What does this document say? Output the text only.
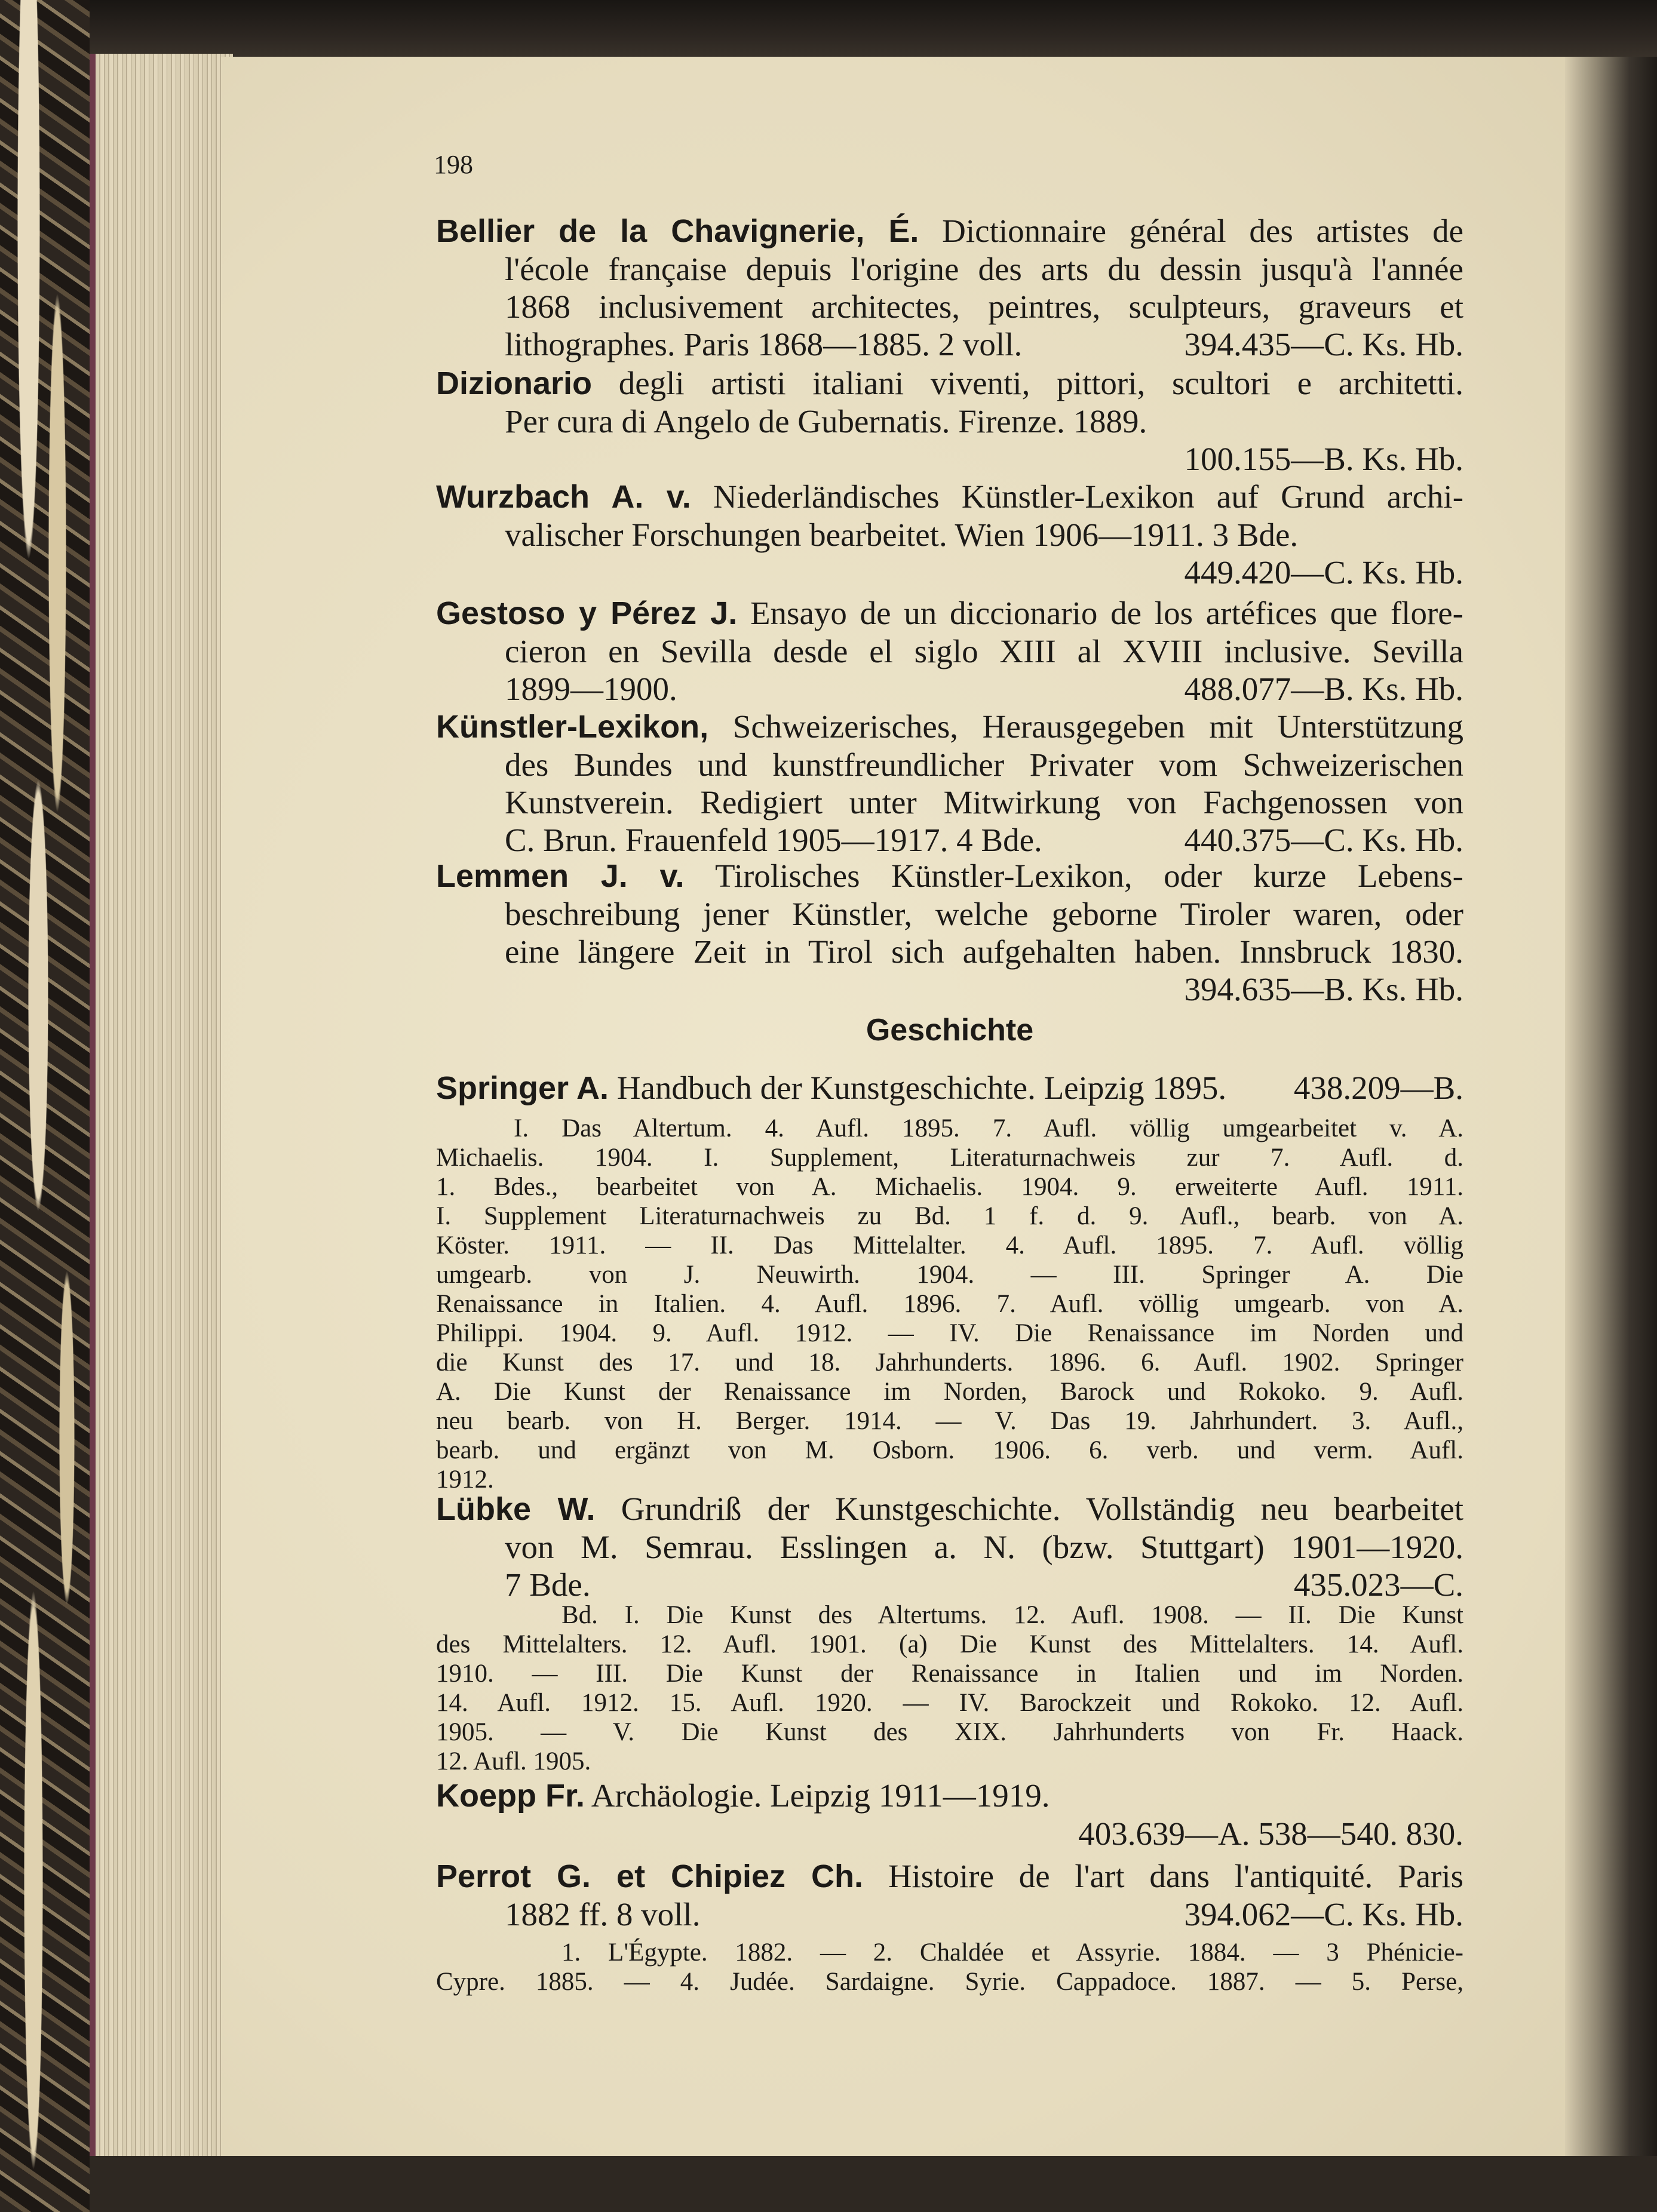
198
Bellier de la Chavignerie, É. Dictionnaire général des artistes de
l'école française depuis l'origine des arts du dessin jusqu'à l'année
1868 inclusivement architectes, peintres, sculpteurs, graveurs et
lithographes. Paris 1868—1885. 2 voll.	394.435—C. Ks. Hb.
Dizionario degli artisti italiani viventi, pittori, scultori e architetti.
Per cura di Angelo de Gubernatis. Firenze. 1889.
100.155—B. Ks. Hb.
Wurzbach A. v. Niederländisches Künstler-Lexikon auf Grund archi-
valischer Forschungen bearbeitet. Wien 1906—1911. 3 Bde.
449.420—C. Ks. Hb.
Gestoso y Pérez J. Ensayo de un diccionario de los artéfices que flore-
cieron en Sevilla desde el siglo XIII al XVIII inclusive. Sevilla
1899—1900.	488.077—B. Ks. Hb.
Künstler-Lexikon, Schweizerisches, Herausgegeben mit Unterstützung
des Bundes und kunstfreundlicher Privater vom Schweizerischen
Kunstverein. Redigiert unter Mitwirkung von Fachgenossen von
C. Brun. Frauenfeld 1905—1917. 4 Bde.	440.375—C. Ks. Hb.
Lemmen J. v. Tirolisches Künstler-Lexikon, oder kurze Lebens-
beschreibung jener Künstler, welche geborne Tiroler waren, oder
eine längere Zeit in Tirol sich aufgehalten haben. Innsbruck 1830.
394.635—B. Ks. Hb.
Geschichte
Springer A. Handbuch der Kunstgeschichte. Leipzig 1895. 438.209—B.
I. Das Altertum. 4. Aufl. 1895. 7. Aufl. völlig umgearbeitet v. A.
Michaelis. 1904. I. Supplement, Literaturnachweis zur 7. Aufl. d.
1. Bdes., bearbeitet von A. Michaelis. 1904. 9. erweiterte Aufl. 1911.
I. Supplement Literaturnachweis zu Bd. 1 f. d. 9. Aufl., bearb. von A.
Köster. 1911. — II. Das Mittelalter. 4. Aufl. 1895. 7. Aufl. völlig
umgearb. von J. Neuwirth. 1904. — III. Springer A. Die
Renaissance in Italien. 4. Aufl. 1896. 7. Aufl. völlig umgearb. von A.
Philippi. 1904. 9. Aufl. 1912. — IV. Die Renaissance im Norden und
die Kunst des 17. und 18. Jahrhunderts. 1896. 6. Aufl. 1902. Springer
A. Die Kunst der Renaissance im Norden, Barock und Rokoko. 9. Aufl.
neu bearb. von H. Berger. 1914. — V. Das 19. Jahrhundert. 3. Aufl.,
bearb. und ergänzt von M. Osborn. 1906. 6. verb. und verm. Aufl.
1912.
Lübke W. Grundriß der Kunstgeschichte. Vollständig neu bearbeitet
von M. Semrau. Esslingen a. N. (bzw. Stuttgart) 1901—1920.
7 Bde.	435.023—C.
Bd. I. Die Kunst des Altertums. 12. Aufl. 1908. — II. Die Kunst
des Mittelalters. 12. Aufl. 1901. (a) Die Kunst des Mittelalters. 14. Aufl.
1910. — III. Die Kunst der Renaissance in Italien und im Norden.
14. Aufl. 1912. 15. Aufl. 1920. — IV. Barockzeit und Rokoko. 12. Aufl.
1905. — V. Die Kunst des XIX. Jahrhunderts von Fr. Haack.
12. Aufl. 1905.
Koepp Fr. Archäologie. Leipzig 1911—1919.
403.639—A. 538—540. 830.
Perrot G. et Chipiez Ch. Histoire de l'art dans l'antiquité. Paris
1882 ff. 8 voll.	394.062—C. Ks. Hb.
1. L'Égypte. 1882. — 2. Chaldée et Assyrie. 1884. — 3 Phénicie-
Cypre. 1885. — 4. Judée. Sardaigne. Syrie. Cappadoce. 1887. — 5. Perse,
